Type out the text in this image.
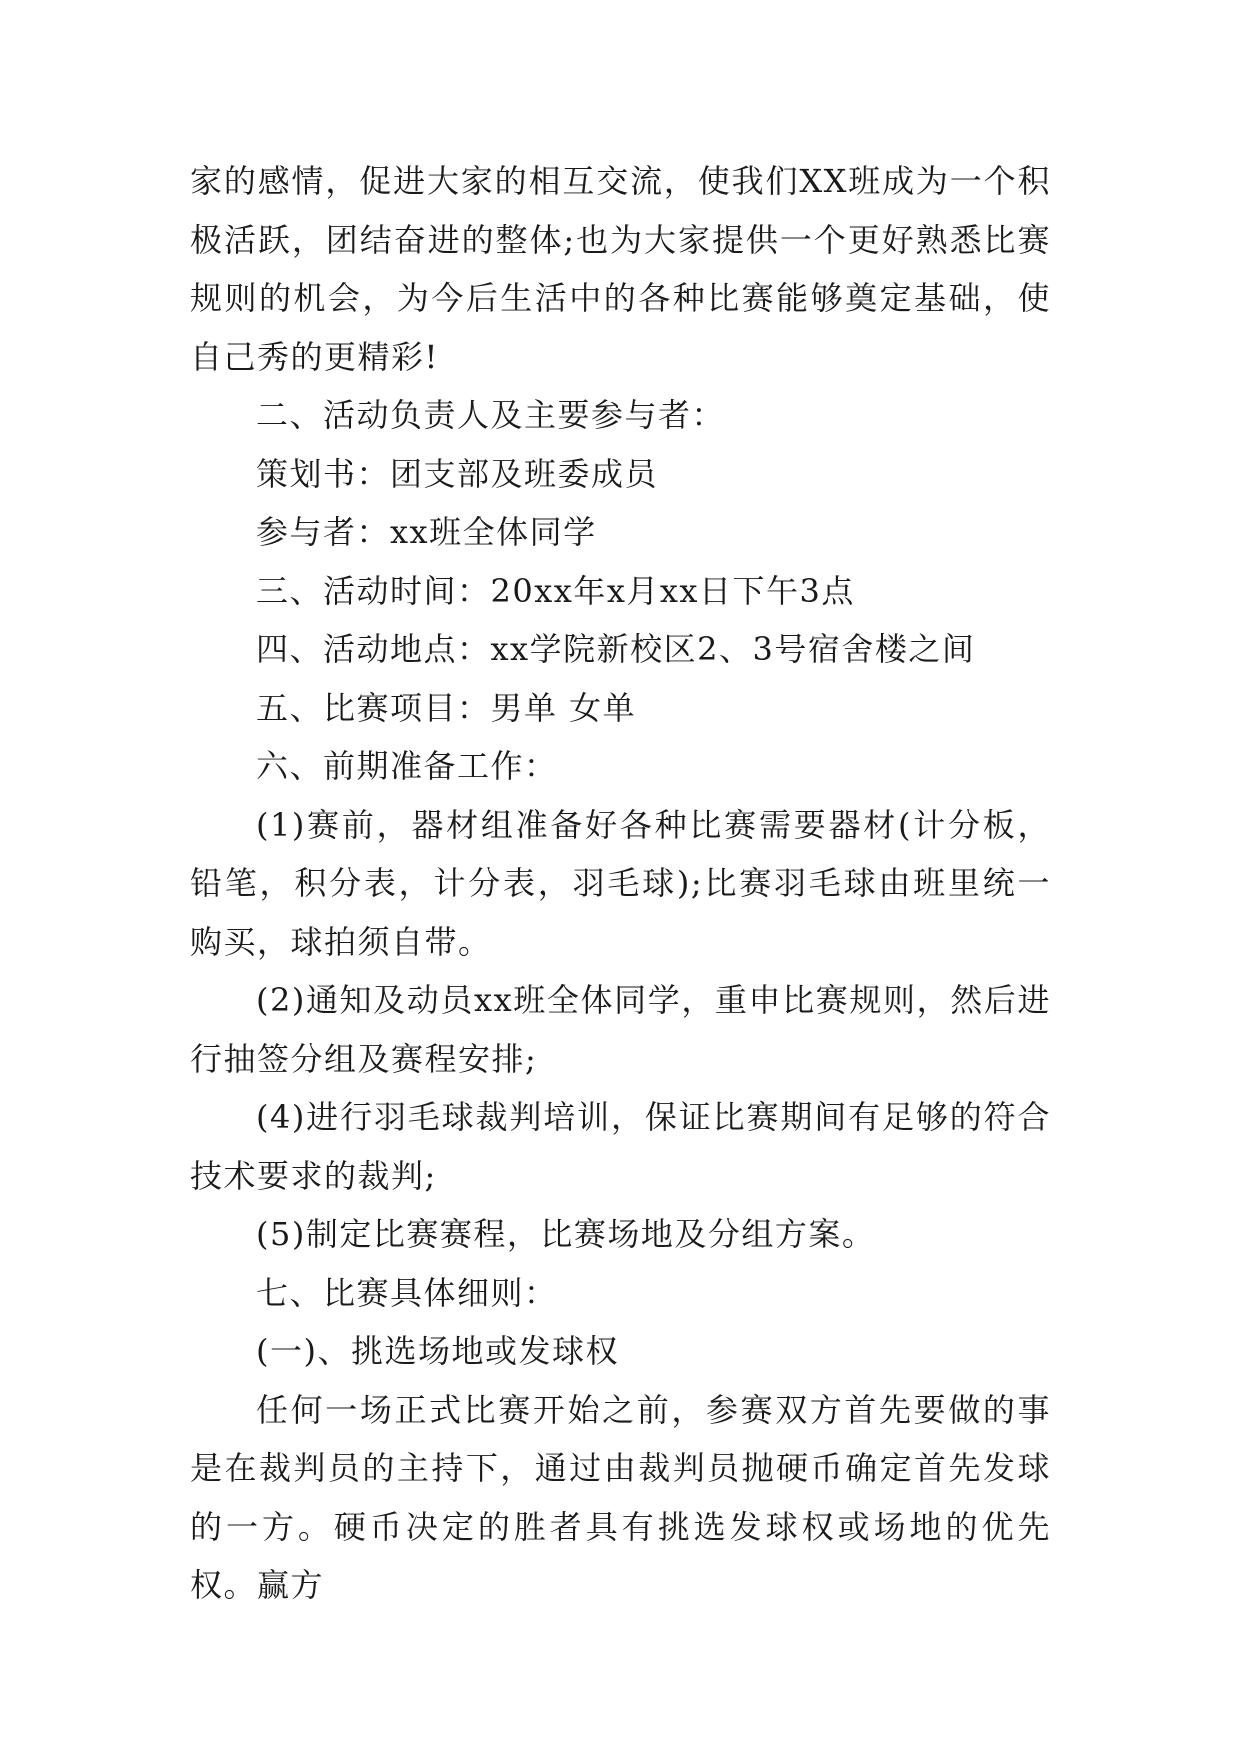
家的感情，促进大家的相互交流，使我们XX班成为一个积极活跃，团结奋进的整体;也为大家提供一个更好熟悉比赛规则的机会，为今后生活中的各种比赛能够奠定基础，使自己秀的更精彩!

二、活动负责人及主要参与者：

策划书：团支部及班委成员

参与者：xx班全体同学

三、活动时间：20xx年x月xx日下午3点

四、活动地点：xx学院新校区2、3号宿舍楼之间

五、比赛项目：男单 女单

六、前期准备工作：

(1)赛前，器材组准备好各种比赛需要器材(计分板，铅笔，积分表，计分表，羽毛球);比赛羽毛球由班里统一购买，球拍须自带。

(2)通知及动员xx班全体同学，重申比赛规则，然后进行抽签分组及赛程安排;

(4)进行羽毛球裁判培训，保证比赛期间有足够的符合技术要求的裁判;

(5)制定比赛赛程，比赛场地及分组方案。

七、比赛具体细则：

(一)、挑选场地或发球权

任何一场正式比赛开始之前，参赛双方首先要做的事是在裁判员的主持下，通过由裁判员抛硬币确定首先发球的一方。硬币决定的胜者具有挑选发球权或场地的优先权。赢方
